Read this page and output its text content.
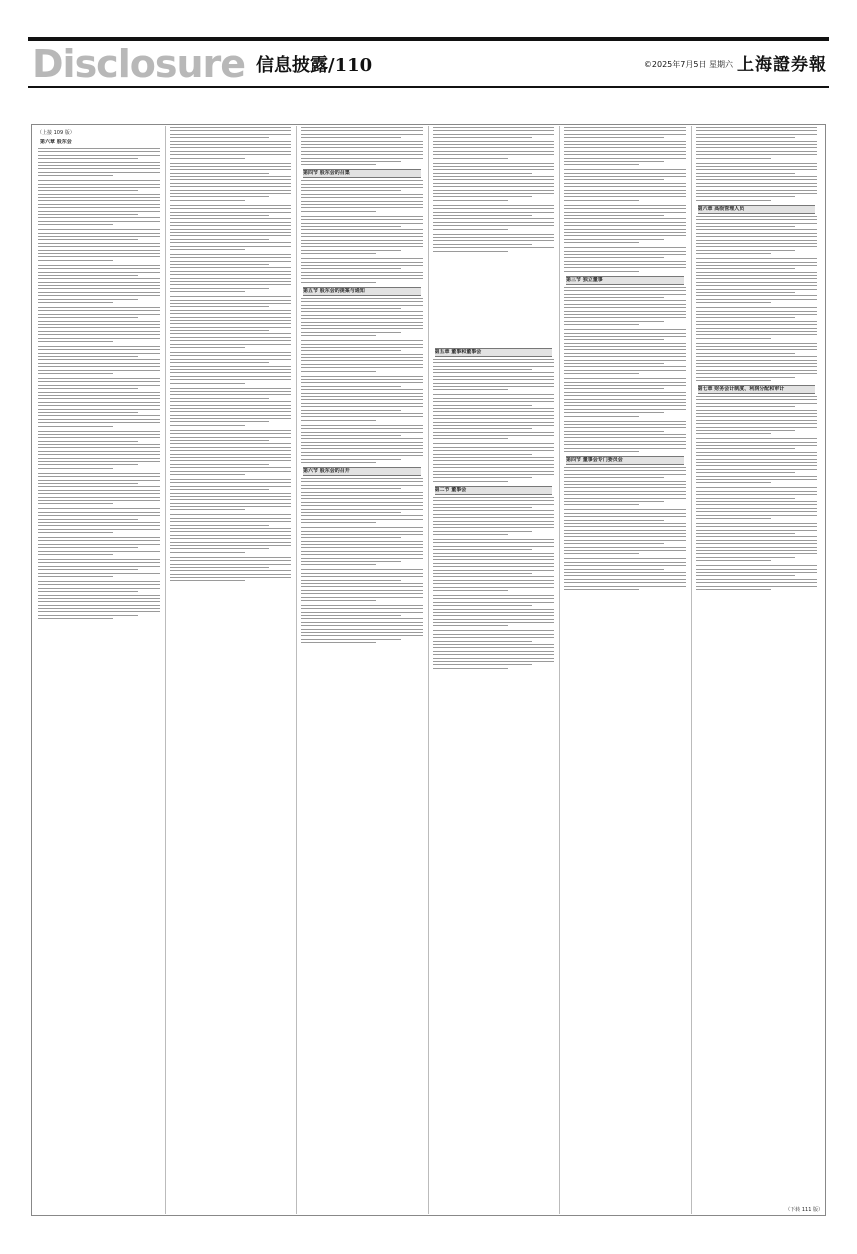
Disclosure 信息披露/110	©2025年7月5日 星期六 上海證券報
（上接 109 版）
（下转 111 版）
第六章 股东会
第四节 股东会的召集
第五节 股东会的提案与通知
第六节 股东会的召开
第五章 董事和董事会
第二节 董事会
第三节 独立董事
第四节 董事会专门委员会
第六章 高级管理人员
第七章 财务会计制度、利润分配和审计
